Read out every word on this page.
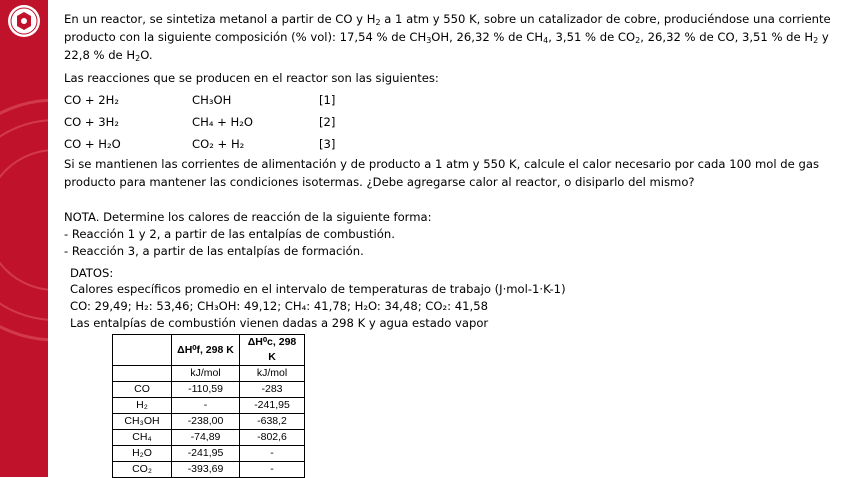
En un reactor, se sintetiza metanol a partir de CO y $H_2$ a 1 atm y 550 K, sobre un catalizador de cobre, produciéndose una corriente producto con la siguiente composición (% vol): 17,54 % de $CH_3OH$, 26,32 % de $CH_4$, 3,51 % de $CO_2$, 26,32 % de CO, 3,51 % de $H_2$ y 22,8 % de $H_2O$.

Las reacciones que se producen en el reactor son las siguientes:
CO + 2H₂	CH₃OH	[1]
CO + 3H₂	CH₄ + H₂O	[2]
CO + H₂O	CO₂ + H₂	[3]

Si se mantienen las corrientes de alimentación y de producto a 1 atm y 550 K, calcule el calor necesario por cada 100 mol de gas producto para mantener las condiciones isotermas. ¿Debe agregarse calor al reactor, o disiparlo del mismo?

NOTA. Determine los calores de reacción de la siguiente forma:
- Reacción 1 y 2, a partir de las entalpías de combustión.
- Reacción 3, a partir de las entalpías de formación.
DATOS:
Calores específicos promedio en el intervalo de temperaturas de trabajo (J·mol-1·K-1)
CO: 29,49; H₂: 53,46; CH₃OH: 49,12; CH₄: 41,78; H₂O: 34,48; CO₂: 41,58
Las entalpías de combustión vienen dadas a 298 K y agua estado vapor
	ΔH⁰f, 298 K	ΔH⁰c, 298 K
	kJ/mol	kJ/mol
CO	-110,59	-283
H₂	-	-241,95
CH₃OH	-238,00	-638,2
CH₄	-74,89	-802,6
H₂O	-241,95	-
CO₂	-393,69	-
